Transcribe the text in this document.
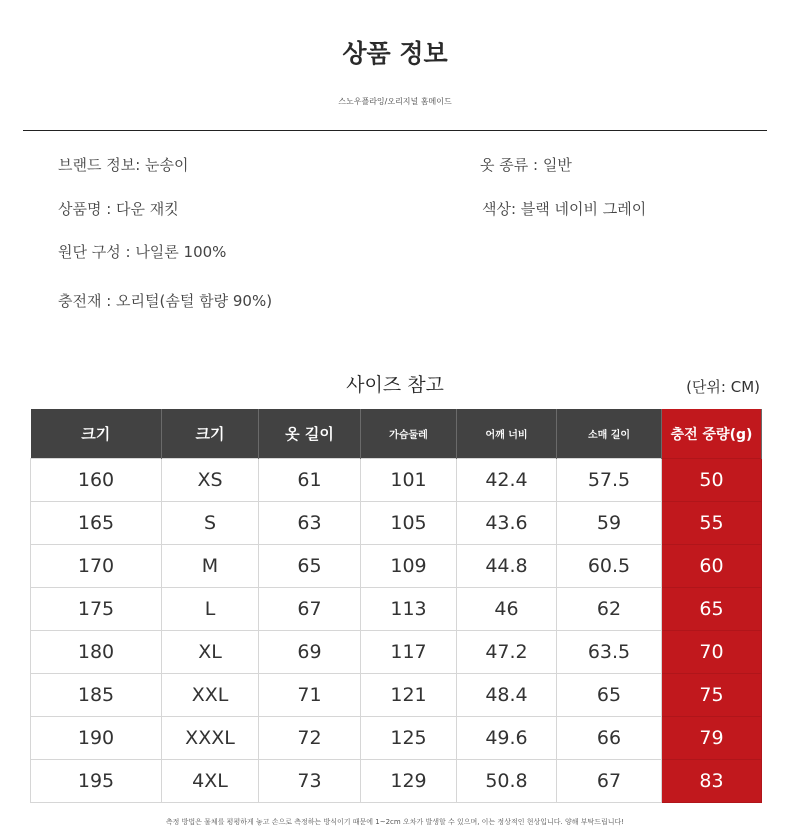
상품 정보
스노우플라잉/오리지널 홈메이드
브랜드 정보: 눈송이	옷 종류 : 일반
상품명 : 다운 재킷	색상: 블랙 네이비 그레이
원단 구성 : 나일론 100%
충전재 : 오리털(솜털 함량 90%)
사이즈 참고	(단위: CM)
크기	크기	옷 길이	가슴둘레	어깨 너비	소매 길이	충전 중량(g)
160	XS	61	101	42.4	57.5	50
165	S	63	105	43.6	59	55
170	M	65	109	44.8	60.5	60
175	L	67	113	46	62	65
180	XL	69	117	47.2	63.5	70
185	XXL	71	121	48.4	65	75
190	XXXL	72	125	49.6	66	79
195	4XL	73	129	50.8	67	83
측정 방법은 물체를 평평하게 놓고 손으로 측정하는 방식이기 때문에 1~2cm 오차가 발생할 수 있으며, 이는 정상적인 현상입니다. 양해 부탁드립니다!
